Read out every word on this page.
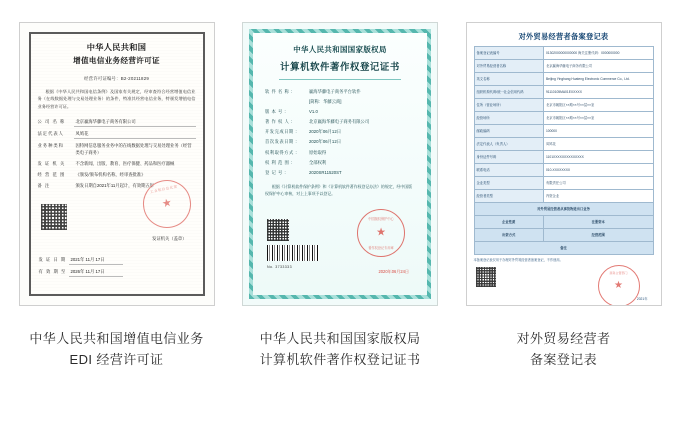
中华人民共和国
增值电信业务经营许可证
经营许可证编号：B2-20211829
根据《中华人民共和国电信条例》及国家有关规定，经审查符合经营增值电信业务（在线数据处理与交易处理业务）的条件，特准其经营电信业务，特颁发增值电信业务经营许可证。
公 司 名 称	北京赢海华藤电子商务有限公司
法定代表人	凤鸠花
业务种类和	因特网信息服务业务中的在线数据处理与交易处理业务（经营类电子商务）
发 证 机 关	不含新闻、出版、教育、医疗保健、药品和医疗器械
经 营 范 围	《颁发/颁布机构名称，经审查批准》
备 注	颁发日期自2021年11月起计，有效期五年
工业和信息化部
★
发证机关（盖章）
发 证 日 期 2021年 11月 17日
有 效 期 至 2026年 11月 17日
中华人民共和国增值电信业务
EDI 经营许可证
中华人民共和国国家版权局
计算机软件著作权登记证书
软 件 名 称 :	赢海华藤电子商务平台软件
[简称：华藤云商]
版 本 号 :	V1.0
著 作 权 人 :	北京赢海华藤电子商务有限公司
开发完成日期 :	2020年06月12日
首次发表日期 :	2020年06月12日
权利取得方式 :	原始取得
权 利 范 围 :	全部权利
登 记 号 :	2020SR11520ST
根据《计算机软件保护条例》和《计算机软件著作权登记办法》的规定，经中国版权保护中心审核，对上上事项予以登记。
No. 3733333
中国版权保护中心
★
著作权登记专用章
2020年06月24日
中华人民共和国国家版权局
计算机软件著作权登记证书
对外贸易经营者备案登记表
备案登记表编号	01302000000000000 海关注册代码：0000000000
对外贸易经营者名称	北京赢海华藤电子商务有限公司
英文名称	Beijing Yinghang Huateng Electronic Commerce Co., Ltd.
组织机构代码/统一社会信用代码	91110105MA01EXXXXX
住所（营业场所）	北京市朝阳区××路××号××层××室
经营场所	北京市朝阳区××路××号××层××室
邮政编码	100000
法定代表人（负责人）	凤鸠花
身份证件号码	1101XXXXXXXXXXXXXX
联系电话	010-XXXXXXXX
企业类型	有限责任公司
经营者类型	内资企业
对外贸易经营者从事货物进出口业务	
企业性质	注册资本
出资方式	经营范围
备注	
本备案登记表仅用于办理对外贸易经营者备案登记，不作他用。
商务主管部门
★
2021年
对外贸易经营者
备案登记表
